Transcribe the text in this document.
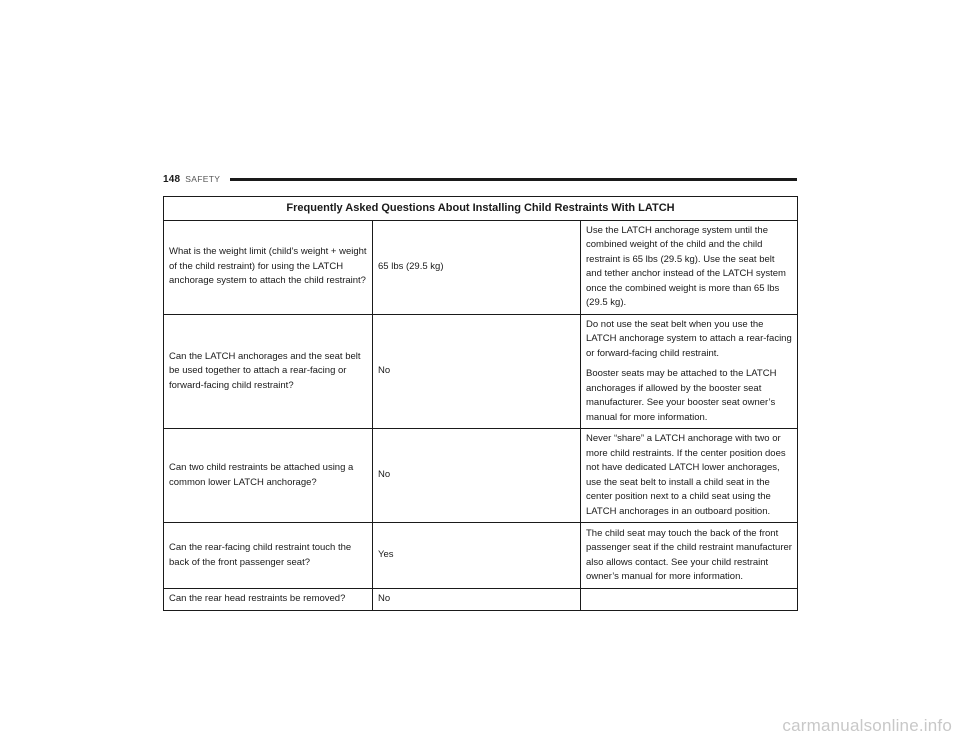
148 SAFETY
Frequently Asked Questions About Installing Child Restraints With LATCH		
What is the weight limit (child’s weight + weight of the child restraint) for using the LATCH anchorage system to attach the child restraint?	65 lbs (29.5 kg)	Use the LATCH anchorage system until the combined weight of the child and the child restraint is 65 lbs (29.5 kg). Use the seat belt and tether anchor instead of the LATCH system once the combined weight is more than 65 lbs (29.5 kg).

Can the LATCH anchorages and the seat belt be used together to attach a rear-facing or forward-facing child restraint?	No	Do not use the seat belt when you use the LATCH anchorage system to attach a rear-facing or forward-facing child restraint.
Booster seats may be attached to the LATCH anchorages if allowed by the booster seat manufacturer. See your booster seat owner’s manual for more information.

Can two child restraints be attached using a common lower LATCH anchorage?	No	Never “share” a LATCH anchorage with two or more child restraints. If the center position does not have dedicated LATCH lower anchorages, use the seat belt to install a child seat in the center position next to a child seat using the LATCH anchorages in an outboard position.

Can the rear-facing child restraint touch the back of the front passenger seat?	Yes	The child seat may touch the back of the front passenger seat if the child restraint manufacturer also allows contact. See your child restraint owner’s manual for more information.

Can the rear head restraints be removed?	No	
carmanualsonline.info
